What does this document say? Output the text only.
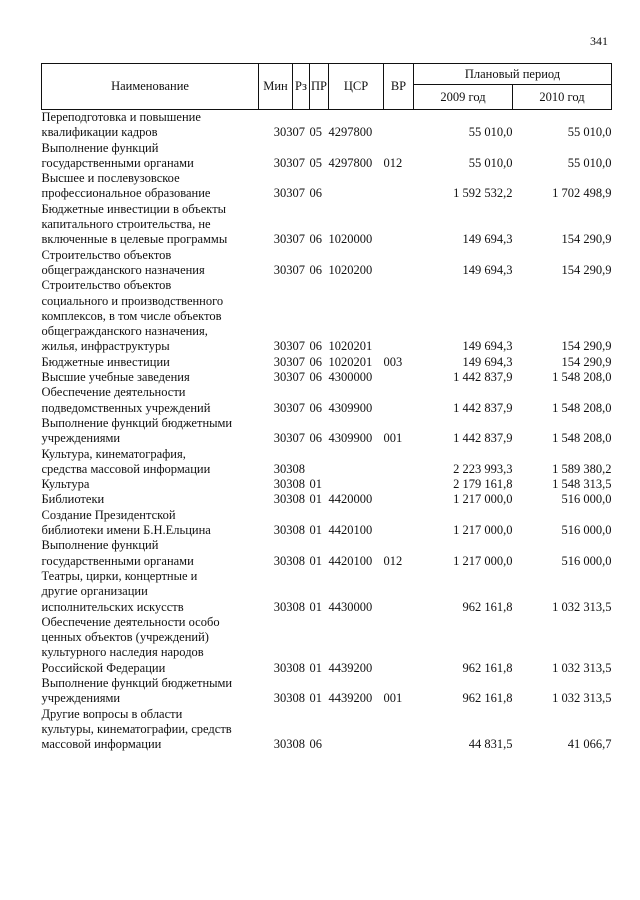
341
Наименование	Мин	Рз	ПР	ЦСР	ВР	Плановый период	
						2009 год	2010 год

Переподготовка и повышение
квалификации кадров	303	07	05	4297800		55 010,0	55 010,0

Выполнение функций
государственными органами	303	07	05	4297800	012	55 010,0	55 010,0

Высшее и послевузовское
профессиональное образование	303	07	06			1 592 532,2	1 702 498,9

Бюджетные инвестиции в объекты
капитального строительства, не
включенные в целевые программы	303	07	06	1020000		149 694,3	154 290,9

Строительство объектов
общегражданского назначения	303	07	06	1020200		149 694,3	154 290,9

Строительство объектов
социального и производственного
комплексов, в том числе объектов
общегражданского назначения,
жилья, инфраструктуры	303	07	06	1020201		149 694,3	154 290,9

Бюджетные инвестиции	303	07	06	1020201	003	149 694,3	154 290,9

Высшие учебные заведения	303	07	06	4300000		1 442 837,9	1 548 208,0

Обеспечение деятельности
подведомственных учреждений	303	07	06	4309900		1 442 837,9	1 548 208,0

Выполнение функций бюджетными
учреждениями	303	07	06	4309900	001	1 442 837,9	1 548 208,0

Культура, кинематография,
средства массовой информации	303	08				2 223 993,3	1 589 380,2

Культура	303	08	01			2 179 161,8	1 548 313,5

Библиотеки	303	08	01	4420000		1 217 000,0	516 000,0

Создание Президентской
библиотеки имени Б.Н.Ельцина	303	08	01	4420100		1 217 000,0	516 000,0

Выполнение функций
государственными органами	303	08	01	4420100	012	1 217 000,0	516 000,0

Театры, цирки, концертные и
другие организации
исполнительских искусств	303	08	01	4430000		962 161,8	1 032 313,5

Обеспечение деятельности особо
ценных объектов (учреждений)
культурного наследия народов
Российской Федерации	303	08	01	4439200		962 161,8	1 032 313,5

Выполнение функций бюджетными
учреждениями	303	08	01	4439200	001	962 161,8	1 032 313,5

Другие вопросы в области
культуры, кинематографии, средств
массовой информации	303	08	06			44 831,5	41 066,7
